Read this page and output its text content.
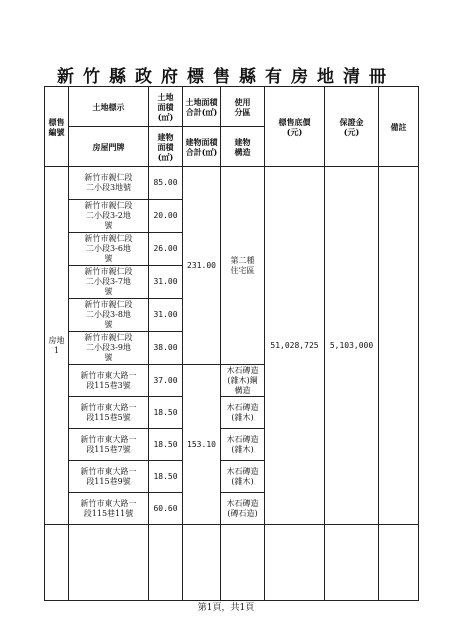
新竹縣政府標售縣有房地清冊
標售編號	土地標示	土地面積(㎡)	土地面積合計(㎡)	使用分區	標售底價(元)	保證金(元)	備註
	房屋門牌	建物面積(㎡)	建物面積合計(㎡)	建物構造			

房地1	新竹市親仁段二小段3地號	85.00	231.00	第二種住宅區	51,028,725	5,103,000	

	新竹市親仁段二小段3-2地號	20.00					

	新竹市親仁段二小段3-6地號	26.00					

	新竹市親仁段二小段3-7地號	31.00					

	新竹市親仁段二小段3-8地號	31.00					

	新竹市親仁段二小段3-9地號	38.00					

	新竹市東大路一段115巷3號	37.00	153.10	木石磚造(雜木)鋼構造			

	新竹市東大路一段115巷5號	18.50		木石磚造(雜木)			

	新竹市東大路一段115巷7號	18.50		木石磚造(雜木)			

	新竹市東大路一段115巷9號	18.50		木石磚造(雜木)			

	新竹市東大路一段115巷11號	60.60		木石磚造(磚石造)			

第1頁，共1頁
